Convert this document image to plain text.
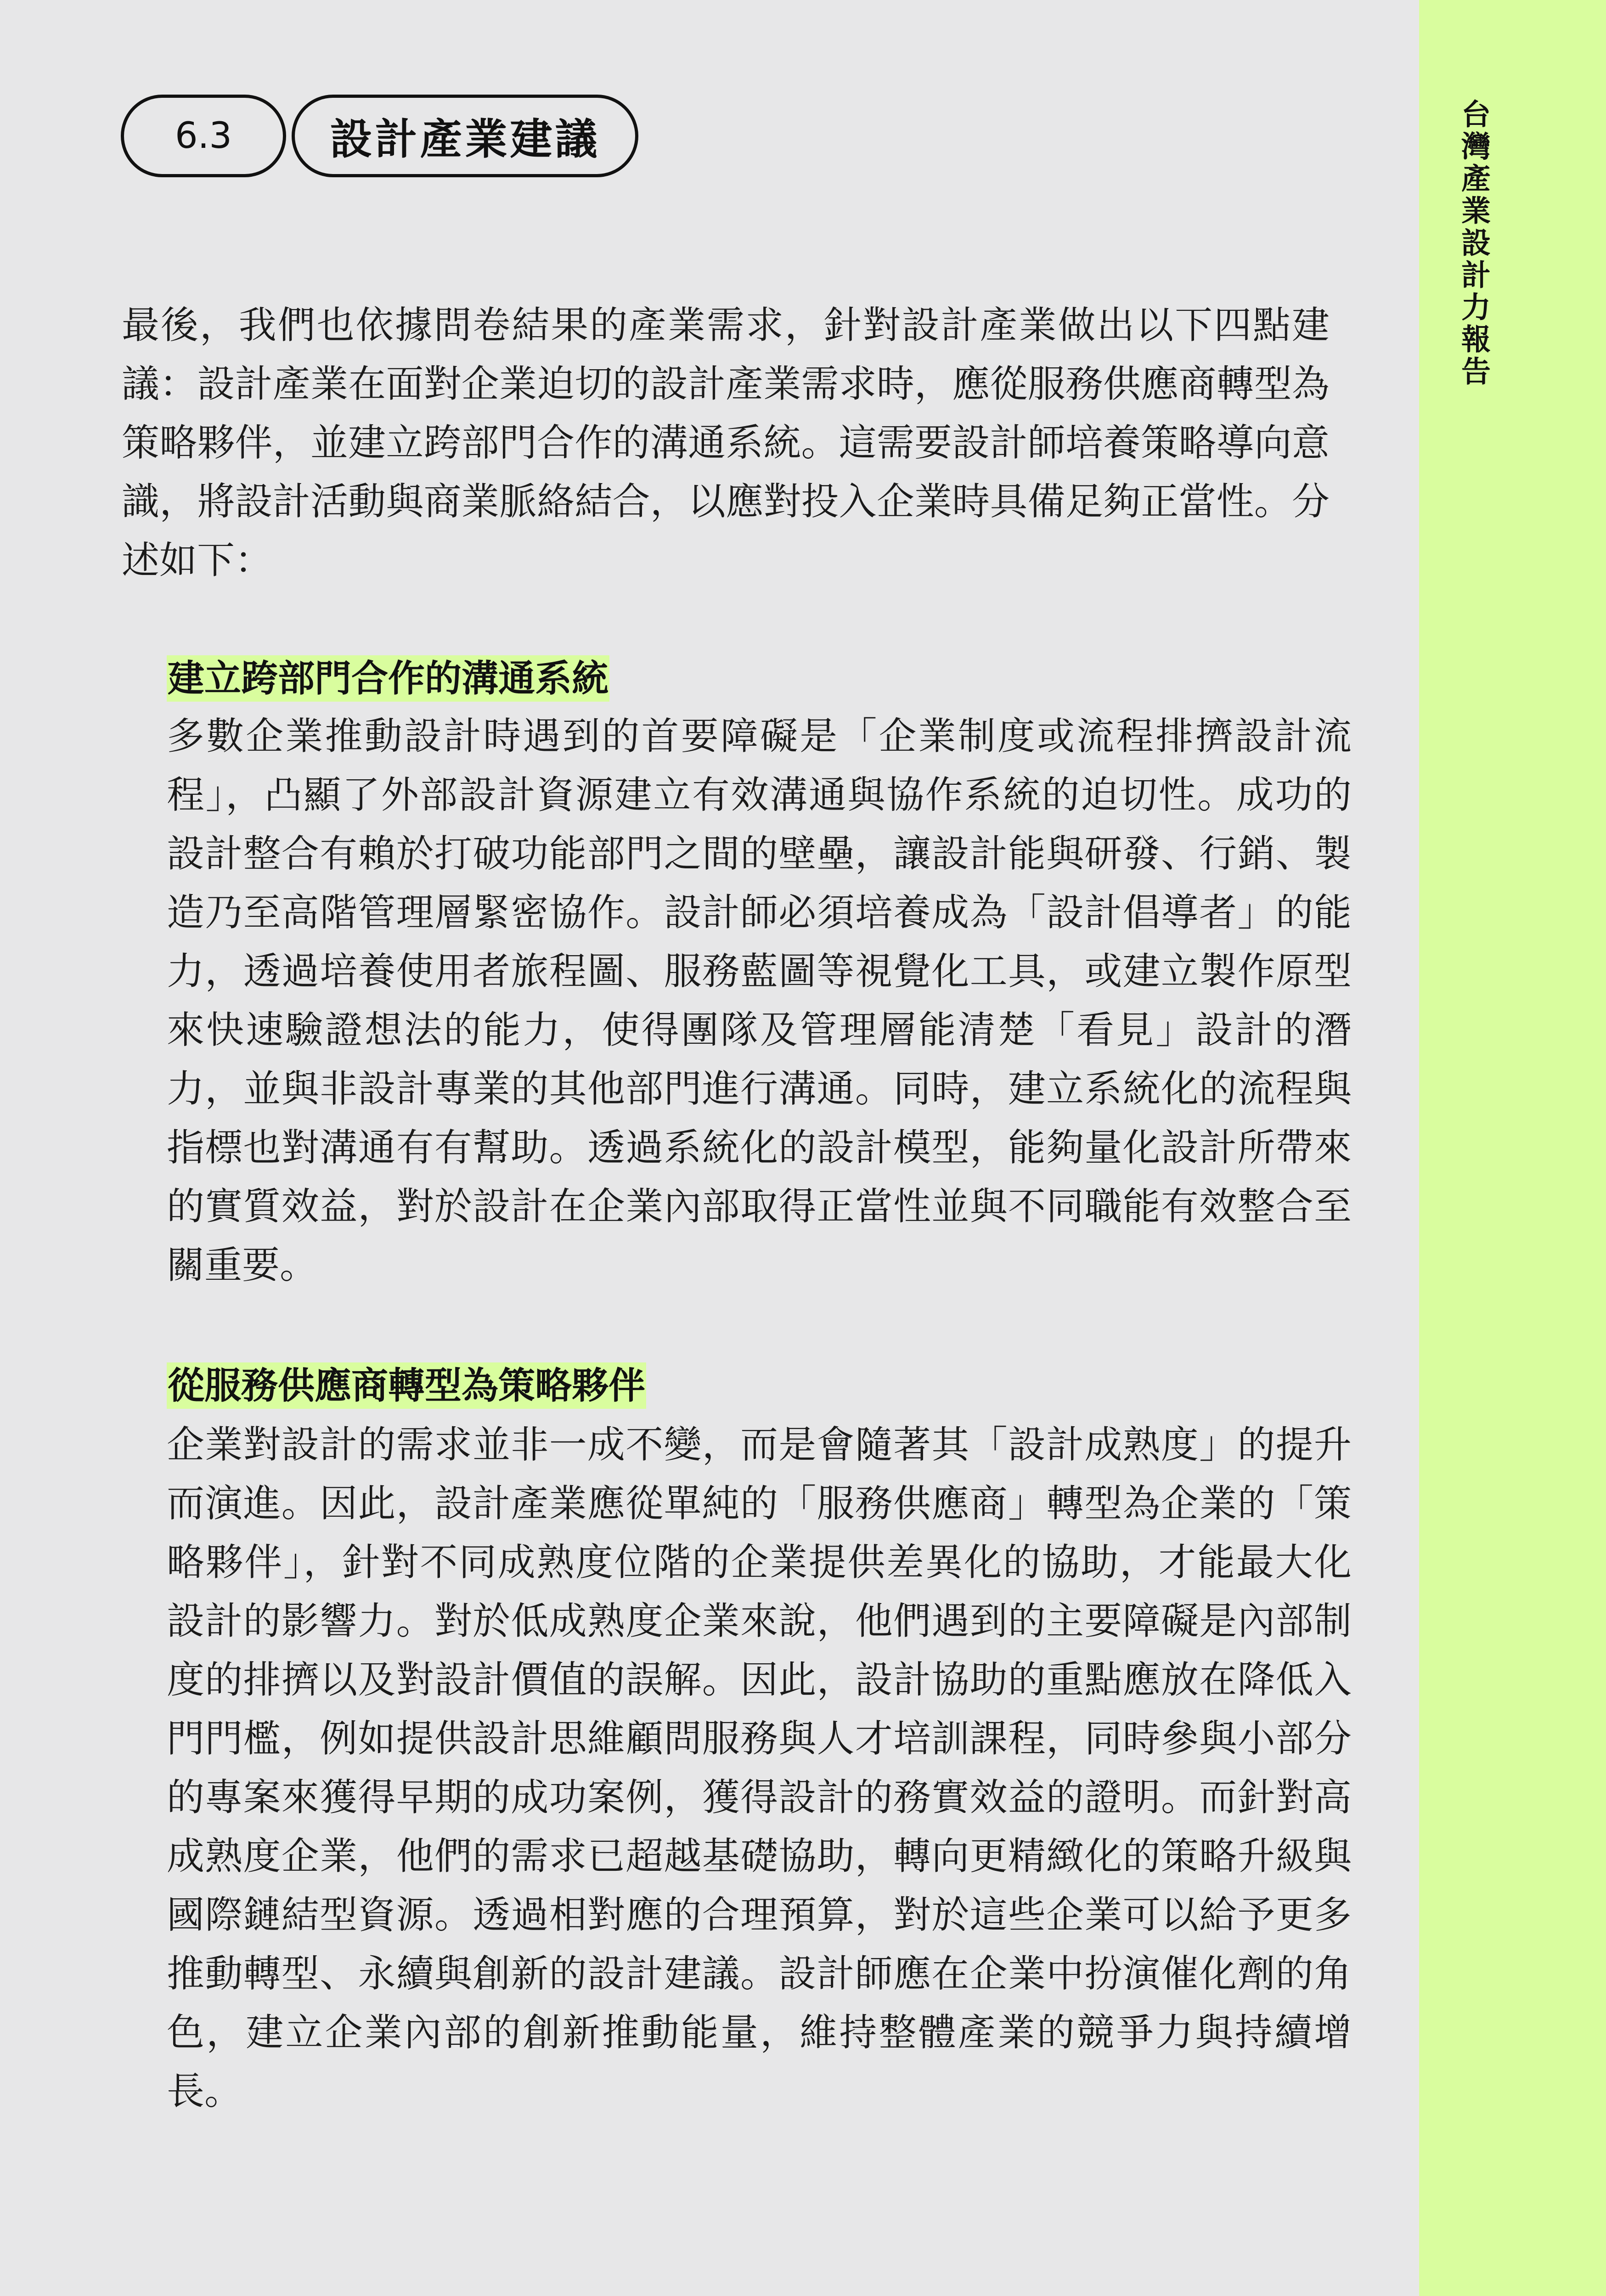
台灣產業設計力報告
6.3	設計產業建議

最後，我們也依據問卷結果的產業需求，針對設計產業做出以下四點建議：設計產業在面對企業迫切的設計產業需求時，應從服務供應商轉型為策略夥伴，並建立跨部門合作的溝通系統。這需要設計師培養策略導向意識，將設計活動與商業脈絡結合，以應對投入企業時具備足夠正當性。分述如下：

建立跨部門合作的溝通系統

多數企業推動設計時遇到的首要障礙是「企業制度或流程排擠設計流程」，凸顯了外部設計資源建立有效溝通與協作系統的迫切性。成功的設計整合有賴於打破功能部門之間的壁壘，讓設計能與研發、行銷、製造乃至高階管理層緊密協作。設計師必須培養成為「設計倡導者」的能力，透過培養使用者旅程圖、服務藍圖等視覺化工具，或建立製作原型來快速驗證想法的能力，使得團隊及管理層能清楚「看見」設計的潛力，並與非設計專業的其他部門進行溝通。同時，建立系統化的流程與指標也對溝通有有幫助。透過系統化的設計模型，能夠量化設計所帶來的實質效益，對於設計在企業內部取得正當性並與不同職能有效整合至關重要。

從服務供應商轉型為策略夥伴

企業對設計的需求並非一成不變，而是會隨著其「設計成熟度」的提升而演進。因此，設計產業應從單純的「服務供應商」轉型為企業的「策略夥伴」，針對不同成熟度位階的企業提供差異化的協助，才能最大化設計的影響力。對於低成熟度企業來說，他們遇到的主要障礙是內部制度的排擠以及對設計價值的誤解。因此，設計協助的重點應放在降低入門門檻，例如提供設計思維顧問服務與人才培訓課程，同時參與小部分的專案來獲得早期的成功案例，獲得設計的務實效益的證明。而針對高成熟度企業，他們的需求已超越基礎協助，轉向更精緻化的策略升級與國際鏈結型資源。透過相對應的合理預算，對於這些企業可以給予更多推動轉型、永續與創新的設計建議。設計師應在企業中扮演催化劑的角色，建立企業內部的創新推動能量，維持整體產業的競爭力與持續增長。
